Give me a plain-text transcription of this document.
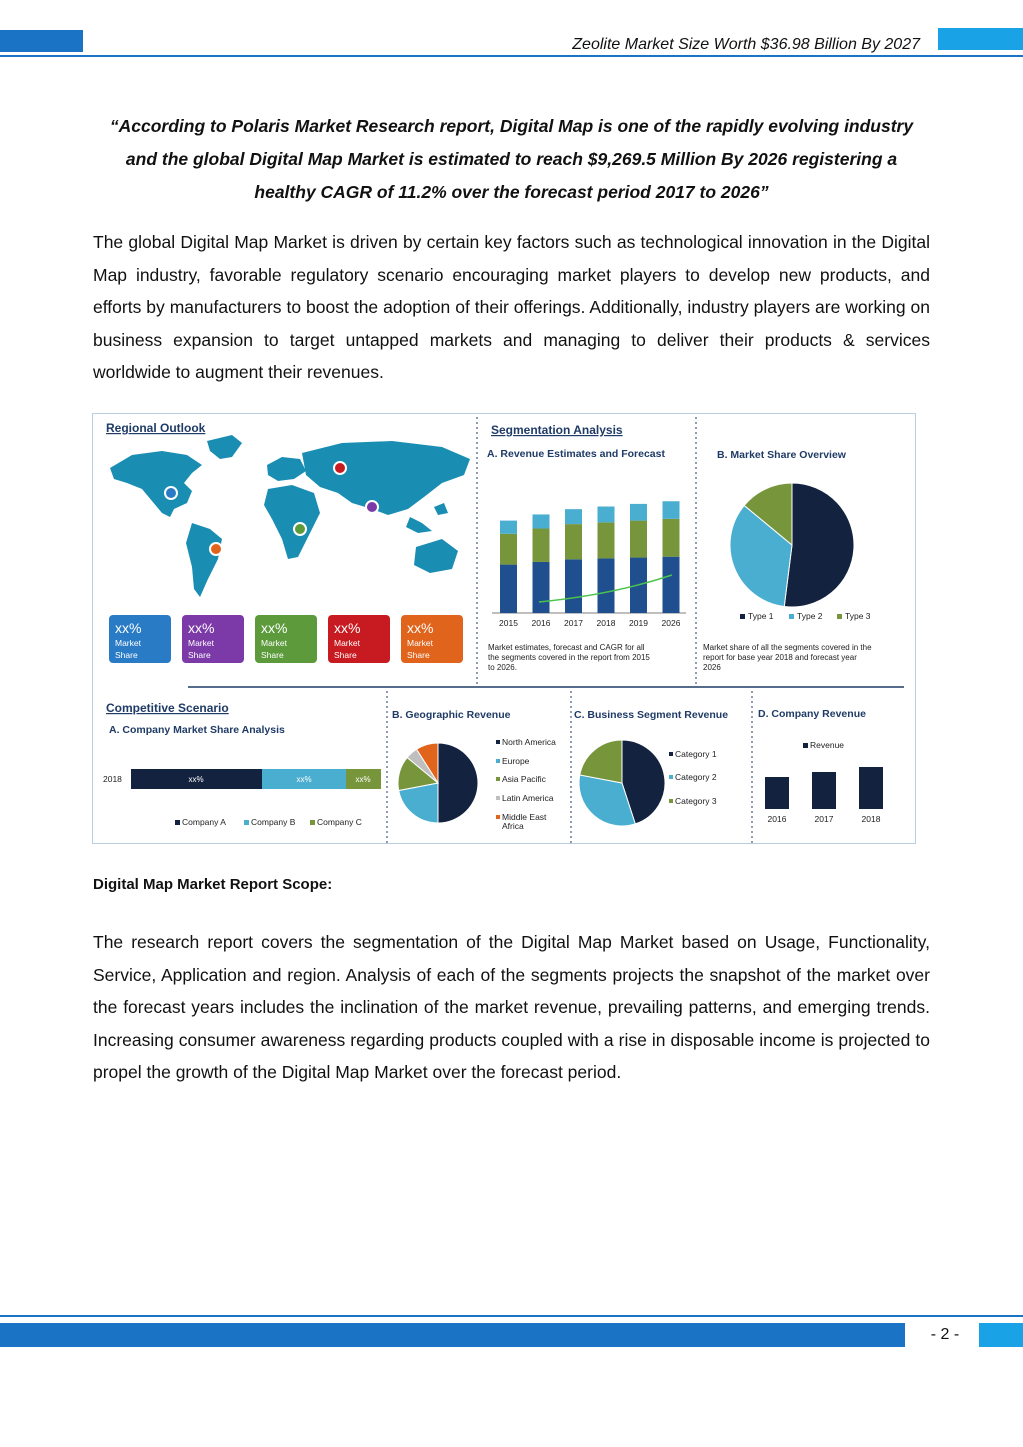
Zeolite Market Size Worth $36.98 Billion By 2027
“According to Polaris Market Research report, Digital Map is one of the rapidly evolving industry and the global Digital Map Market is estimated to reach $9,269.5 Million By 2026 registering a healthy CAGR of 11.2% over the forecast period 2017 to 2026”
The global Digital Map Market is driven by certain key factors such as technological innovation in the Digital Map industry, favorable regulatory scenario encouraging market players to develop new products, and efforts by manufacturers to boost the adoption of their offerings. Additionally, industry players are working on business expansion to target untapped markets and managing to deliver their products & services worldwide to augment their revenues.
Regional Outlook
xx%
Market
Share
xx%
Market
Share
xx%
Market
Share
xx%
Market
Share
xx%
Market
Share
Segmentation Analysis
A. Revenue Estimates and Forecast
2015 2016 2017 2018 2019 2026
Market estimates, forecast and CAGR for all
the segments covered in the report from 2015
to 2026.
B. Market Share Overview
Type 1	Type 2	Type 3
Market share of all the segments covered in the
report for base year 2018 and forecast year
2026
Competitive Scenario
A. Company Market Share Analysis
2018	xx%	xx%	xx%
Company A	Company B	Company C
B. Geographic Revenue
North America
Europe
Asia Pacific
Latin America
Middle East
Africa
C. Business Segment Revenue
Category 1
Category 2
Category 3
D. Company Revenue
Revenue
2016	2017	2018
Digital Map Market Report Scope:
The research report covers the segmentation of the Digital Map Market based on Usage, Functionality, Service, Application and region. Analysis of each of the segments projects the snapshot of the market over the forecast years includes the inclination of the market revenue, prevailing patterns, and emerging trends. Increasing consumer awareness regarding products coupled with a rise in disposable income is projected to propel the growth of the Digital Map Market over the forecast period.
- 2 -
